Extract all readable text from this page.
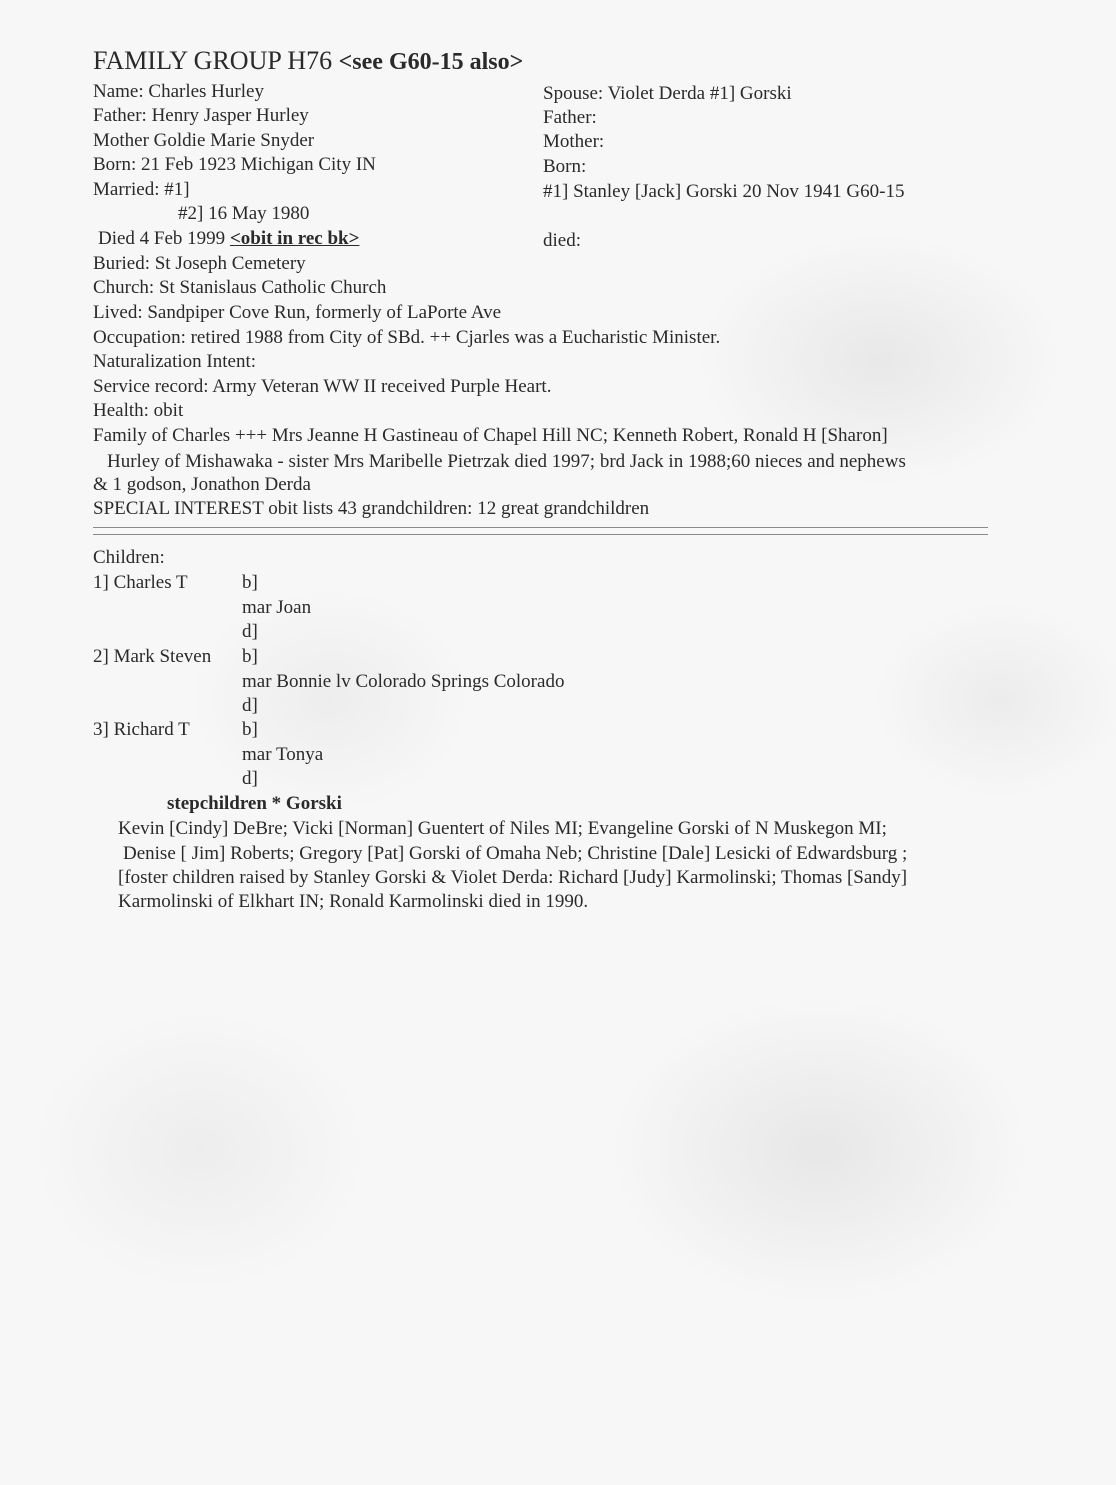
FAMILY GROUP H76 <see G60-15 also>
Name: Charles Hurley
Father: Henry Jasper Hurley
Mother Goldie Marie Snyder
Born: 21 Feb 1923 Michigan City IN
Married: #1]
#2] 16 May 1980
Died 4 Feb 1999 <obit in rec bk>
Spouse: Violet Derda #1] Gorski
Father:
Mother:
Born:
#1] Stanley [Jack] Gorski 20 Nov 1941 G60-15
died:
Buried: St Joseph Cemetery
Church: St Stanislaus Catholic Church
Lived: Sandpiper Cove Run, formerly of LaPorte Ave
Occupation: retired 1988 from City of SBd. ++ Cjarles was a Eucharistic Minister.
Naturalization Intent:
Service record: Army Veteran WW II received Purple Heart.
Health: obit
Family of Charles +++ Mrs Jeanne H Gastineau of Chapel Hill NC; Kenneth Robert, Ronald H [Sharon]
Hurley of Mishawaka - sister Mrs Maribelle Pietrzak died 1997; brd Jack in 1988;60 nieces and nephews
& 1 godson, Jonathon Derda
SPECIAL INTEREST obit lists 43 grandchildren: 12 great grandchildren
Children:
1] Charles T	b]
mar Joan
d]
2] Mark Steven b]
mar Bonnie lv Colorado Springs Colorado
d]
3] Richard T	b]
mar Tonya
d]
stepchildren * Gorski
Kevin [Cindy] DeBre; Vicki [Norman] Guentert of Niles MI; Evangeline Gorski of N Muskegon MI;
Denise [ Jim] Roberts; Gregory [Pat] Gorski of Omaha Neb; Christine [Dale] Lesicki of Edwardsburg ;
[foster children raised by Stanley Gorski & Violet Derda: Richard [Judy] Karmolinski; Thomas [Sandy]
Karmolinski of Elkhart IN; Ronald Karmolinski died in 1990.
